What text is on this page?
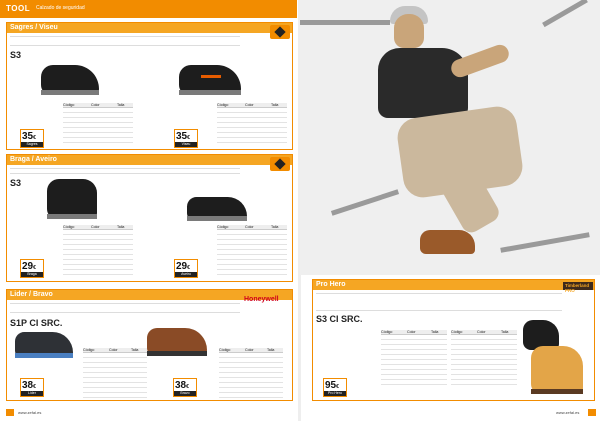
TOOL Calzado de seguridad
Sagres / Viseu
S3
Código	Color	Talla	Código	Color	Talla
35€
Sagres
35€
Viseu
Braga / Aveiro
S3
Código	Color	Talla	Código	Color	Talla
29€
Braga
29€
Aveiro
Lider / Bravo
S1P CI SRC.
Código	Color	Talla	Código	Color	Talla
38€
Lider
38€
Bravo
Honeywell
Pro Hero
S3 CI SRC.
Código	Color	Talla	Código	Color	Talla
95€
Pro Hero
Timberland PRO
www.zefal.es	www.zefal.es
